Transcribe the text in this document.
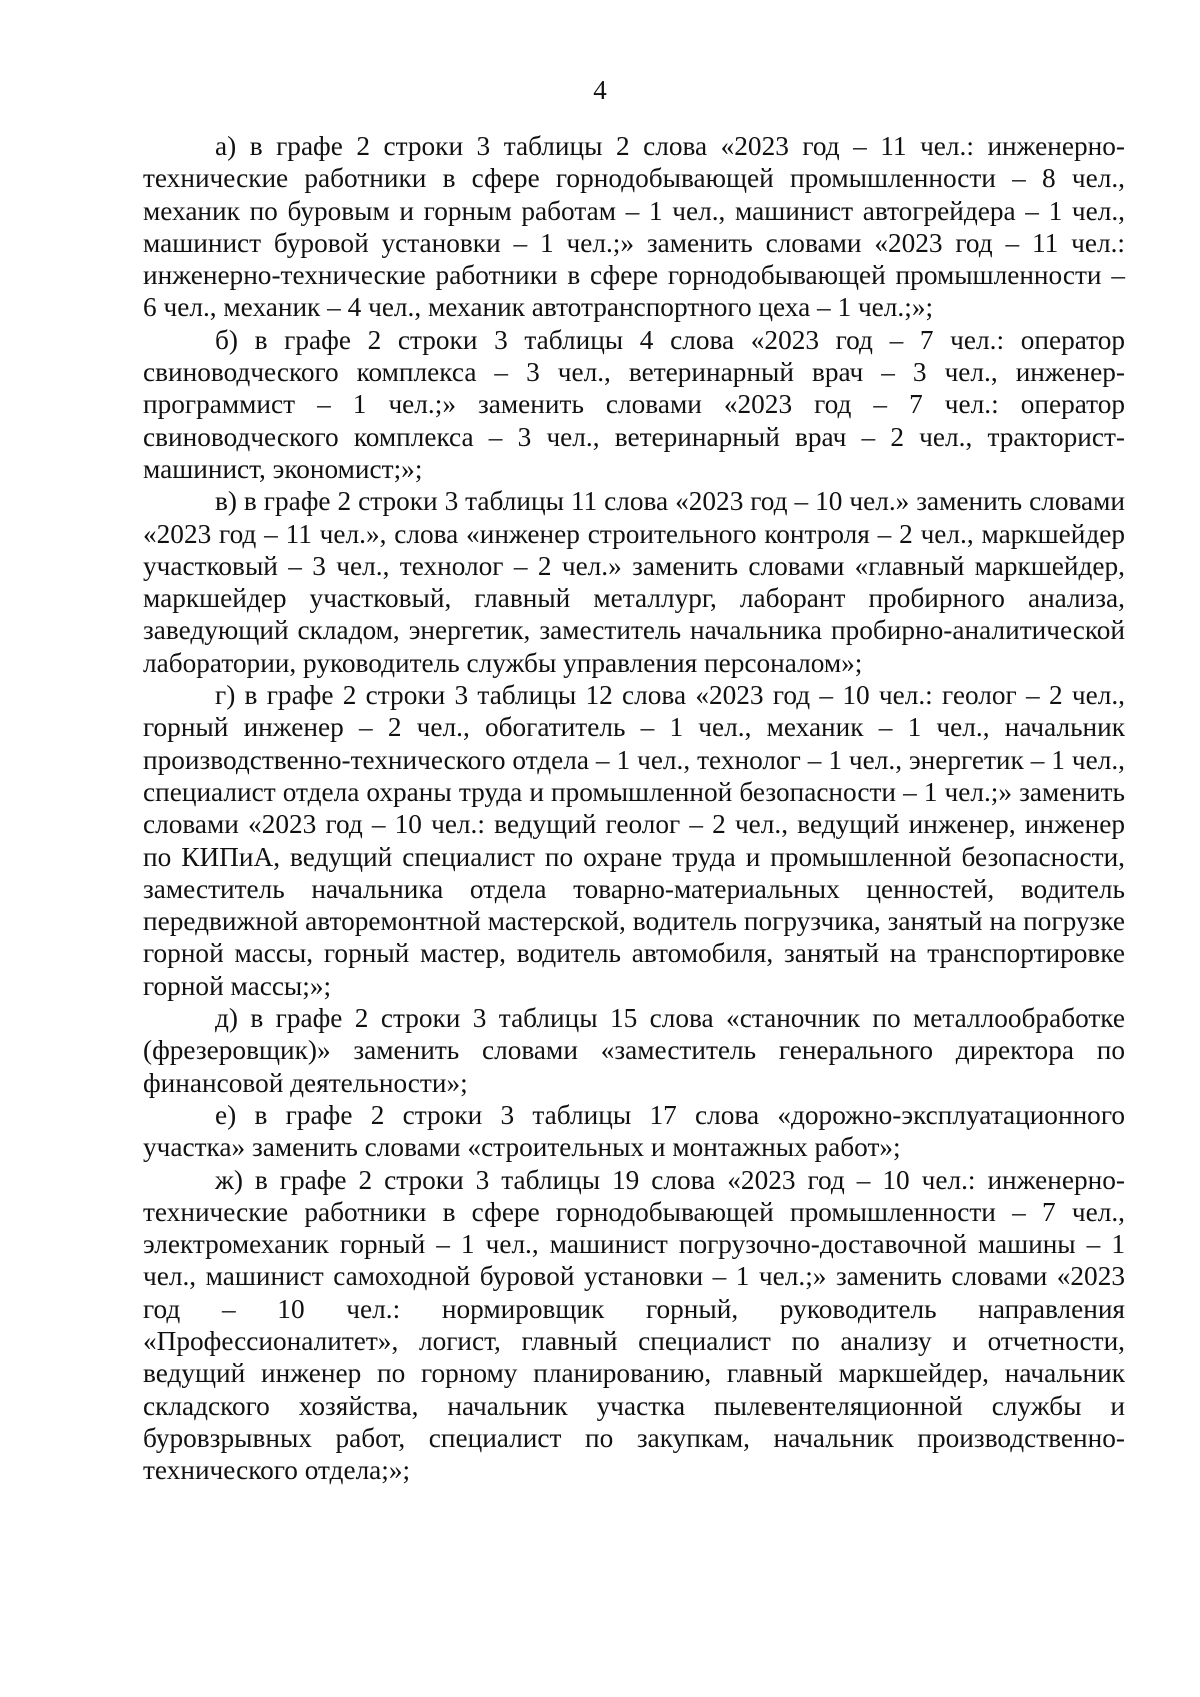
4

а) в графе 2 строки 3 таблицы 2 слова «2023 год – 11 чел.: инженерно-технические работники в сфере горнодобывающей промышленности – 8 чел., механик по буровым и горным работам – 1 чел., машинист автогрейдера – 1 чел., машинист буровой установки – 1 чел.;» заменить словами «2023 год – 11 чел.: инженерно-технические работники в сфере горнодобывающей промышленности – 6 чел., механик – 4 чел., механик автотранспортного цеха – 1 чел.;»;

б) в графе 2 строки 3 таблицы 4 слова «2023 год – 7 чел.: оператор свиноводческого комплекса – 3 чел., ветеринарный врач – 3 чел., инженер-программист – 1 чел.;» заменить словами «2023 год – 7 чел.: оператор свиноводческого комплекса – 3 чел., ветеринарный врач – 2 чел., тракторист-машинист, экономист;»;

в) в графе 2 строки 3 таблицы 11 слова «2023 год – 10 чел.» заменить словами «2023 год – 11 чел.», слова «инженер строительного контроля – 2 чел., маркшейдер участковый – 3 чел., технолог – 2 чел.» заменить словами «главный маркшейдер, маркшейдер участковый, главный металлург, лаборант пробирного анализа, заведующий складом, энергетик, заместитель начальника пробирно-аналитической лаборатории, руководитель службы управления персоналом»;

г) в графе 2 строки 3 таблицы 12 слова «2023 год – 10 чел.: геолог – 2 чел., горный инженер – 2 чел., обогатитель – 1 чел., механик – 1 чел., начальник производственно-технического отдела – 1 чел., технолог – 1 чел., энергетик – 1 чел., специалист отдела охраны труда и промышленной безопасности – 1 чел.;» заменить словами «2023 год – 10 чел.: ведущий геолог – 2 чел., ведущий инженер, инженер по КИПиА, ведущий специалист по охране труда и промышленной безопасности, заместитель начальника отдела товарно-материальных ценностей, водитель передвижной авторемонтной мастерской, водитель погрузчика, занятый на погрузке горной массы, горный мастер, водитель автомобиля, занятый на транспортировке горной массы;»;

д) в графе 2 строки 3 таблицы 15 слова «станочник по металлообработке (фрезеровщик)» заменить словами «заместитель генерального директора по финансовой деятельности»;

е) в графе 2 строки 3 таблицы 17 слова «дорожно-эксплуатационного участка» заменить словами «строительных и монтажных работ»;

ж) в графе 2 строки 3 таблицы 19 слова «2023 год – 10 чел.: инженерно-технические работники в сфере горнодобывающей промышленности – 7 чел., электромеханик горный – 1 чел., машинист погрузочно-доставочной машины – 1 чел., машинист самоходной буровой установки – 1 чел.;» заменить словами «2023 год – 10 чел.: нормировщик горный, руководитель направления «Профессионалитет», логист, главный специалист по анализу и отчетности, ведущий инженер по горному планированию, главный маркшейдер, начальник складского хозяйства, начальник участка пылевентеляционной службы и буровзрывных работ, специалист по закупкам, начальник производственно-технического отдела;»;
